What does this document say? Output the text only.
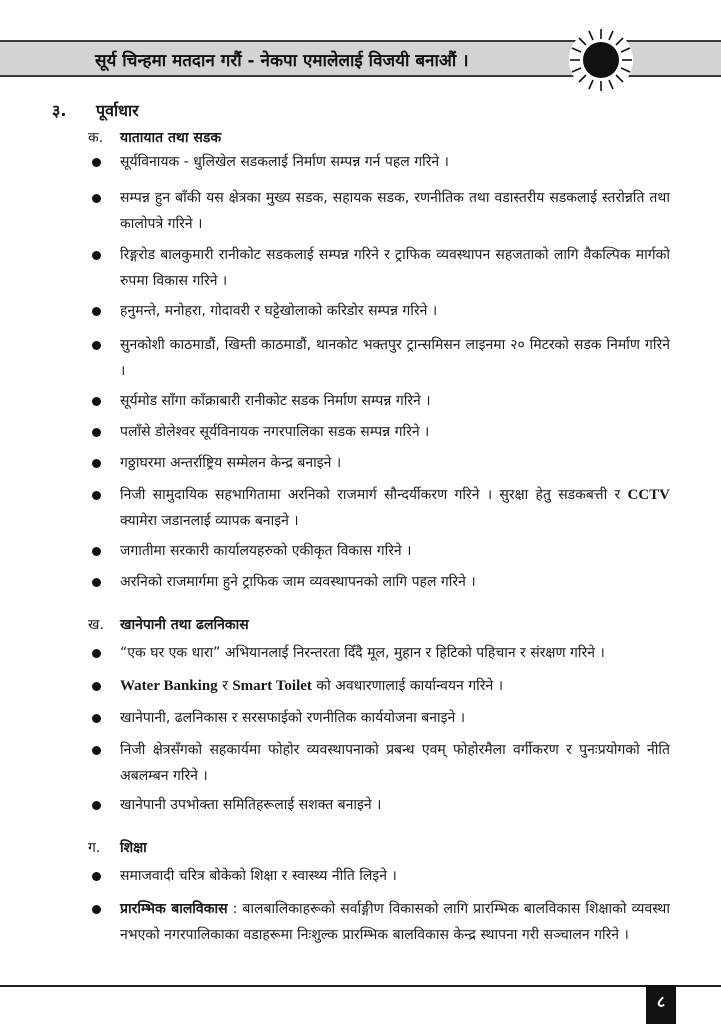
सूर्य चिन्हमा मतदान गरौं - नेकपा एमालेलाई विजयी बनाऔं ।
३. पूर्वाधार
क. यातायात तथा सडक
सूर्यविनायक - धुलिखेल सडकलाई निर्माण सम्पन्न गर्न पहल गरिने ।
सम्पन्न हुन बाँकी यस क्षेत्रका मुख्य सडक, सहायक सडक, रणनीतिक तथा वडास्तरीय सडकलाई स्तरोन्नति तथा कालोपत्रे गरिने ।
रिङ्गरोड बालकुमारी रानीकोट सडकलाई सम्पन्न गरिने र ट्राफिक व्यवस्थापन सहजताको लागि वैकल्पिक मार्गको रुपमा विकास गरिने ।
हनुमन्ते, मनोहरा, गोदावरी र घट्टेखोलाको करिडोर सम्पन्न गरिने ।
सुनकोशी काठमाडौं, खिम्ती काठमाडौं, थानकोट भक्तपुर ट्रान्समिसन लाइनमा २० मिटरको सडक निर्माण गरिने ।
सूर्यमोड साँगा काँक्राबारी रानीकोट सडक निर्माण सम्पन्न गरिने ।
पलाँसे डोलेश्वर सूर्यविनायक नगरपालिका सडक सम्पन्न गरिने ।
गठ्ठाघरमा अन्तर्राष्ट्रिय सम्मेलन केन्द्र बनाइने ।
निजी सामुदायिक सहभागितामा अरनिको राजमार्ग सौन्दर्यीकरण गरिने । सुरक्षा हेतु सडकबत्ती र CCTV क्यामेरा जडानलाई व्यापक बनाइने ।
जगातीमा सरकारी कार्यालयहरुको एकीकृत विकास गरिने ।
अरनिको राजमार्गमा हुने ट्राफिक जाम व्यवस्थापनको लागि पहल गरिने ।
ख. खानेपानी तथा ढलनिकास
“एक घर एक धारा” अभियानलाई निरन्तरता दिँदै मूल, मुहान र हिटिको पहिचान र संरक्षण गरिने ।
Water Banking र Smart Toilet को अवधारणालाई कार्यान्वयन गरिने ।
खानेपानी, ढलनिकास र सरसफाईको रणनीतिक कार्ययोजना बनाइने ।
निजी क्षेत्रसँगको सहकार्यमा फोहोर व्यवस्थापनाको प्रबन्ध एवम् फोहोरमैला वर्गीकरण र पुनःप्रयोगको नीति अबलम्बन गरिने ।
खानेपानी उपभोक्ता समितिहरूलाई सशक्त बनाइने ।
ग. शिक्षा
समाजवादी चरित्र बोकेको शिक्षा र स्वास्थ्य नीति लिइने ।
प्रारम्भिक बालविकास : बालबालिकाहरूको सर्वाङ्गीण विकासको लागि प्रारम्भिक बालविकास शिक्षाको व्यवस्था नभएको नगरपालिकाका वडाहरूमा निःशुल्क प्रारम्भिक बालविकास केन्द्र स्थापना गरी सञ्चालन गरिने ।
८
